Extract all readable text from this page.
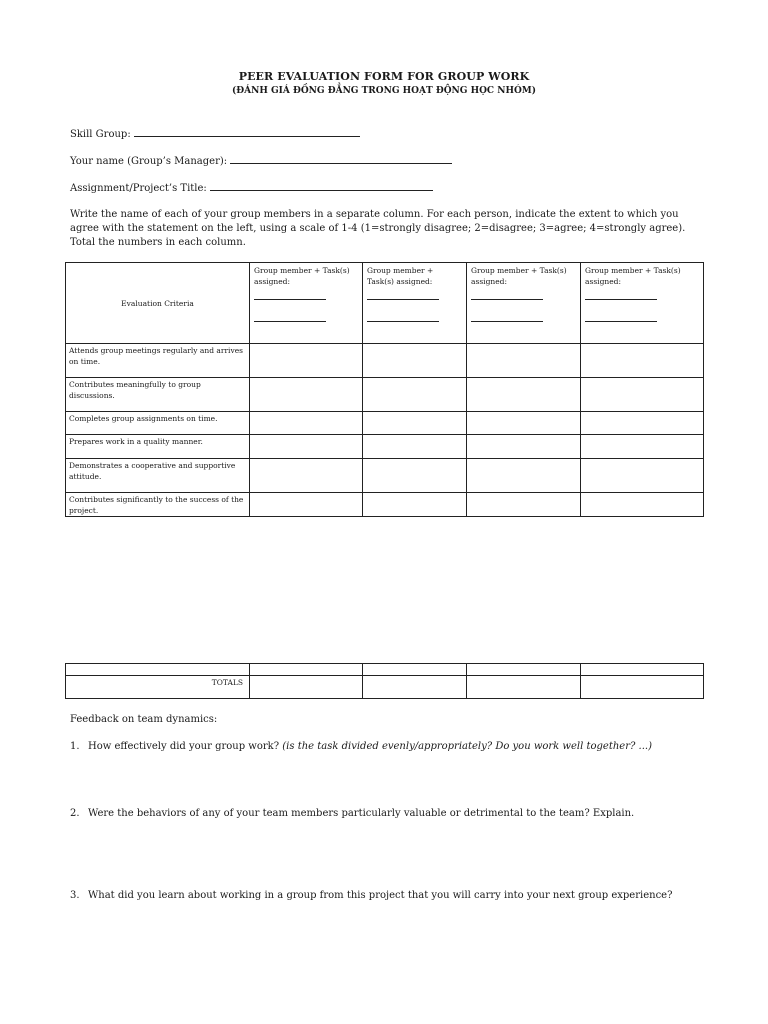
PEER EVALUATION FORM FOR GROUP WORK
(ĐÁNH GIÁ ĐỒNG ĐẲNG TRONG HOẠT ĐỘNG HỌC NHÓM)
Skill Group:
Your name (Group’s Manager):
Assignment/Project’s Title:
Write the name of each of your group members in a separate column. For each person, indicate the extent to which you agree with the statement on the left, using a scale of 1-4 (1=strongly disagree; 2=disagree; 3=agree; 4=strongly agree). Total the numbers in each column.
Evaluation Criteria	Group member + Task(s) assigned:	Group member + Task(s) assigned:	Group member + Task(s) assigned:	Group member + Task(s) assigned:

Attends group meetings regularly and arrives on time.				
Contributes meaningfully to group discussions.				
Completes group assignments on time.				
Prepares work in a quality manner.				
Demonstrates a cooperative and supportive attitude.				
Contributes significantly to the success of the project.				

TOTALS				
Feedback on team dynamics:
1. How effectively did your group work? (is the task divided evenly/appropriately? Do you work well together? ...)
2. Were the behaviors of any of your team members particularly valuable or detrimental to the team? Explain.
3. What did you learn about working in a group from this project that you will carry into your next group experience?
